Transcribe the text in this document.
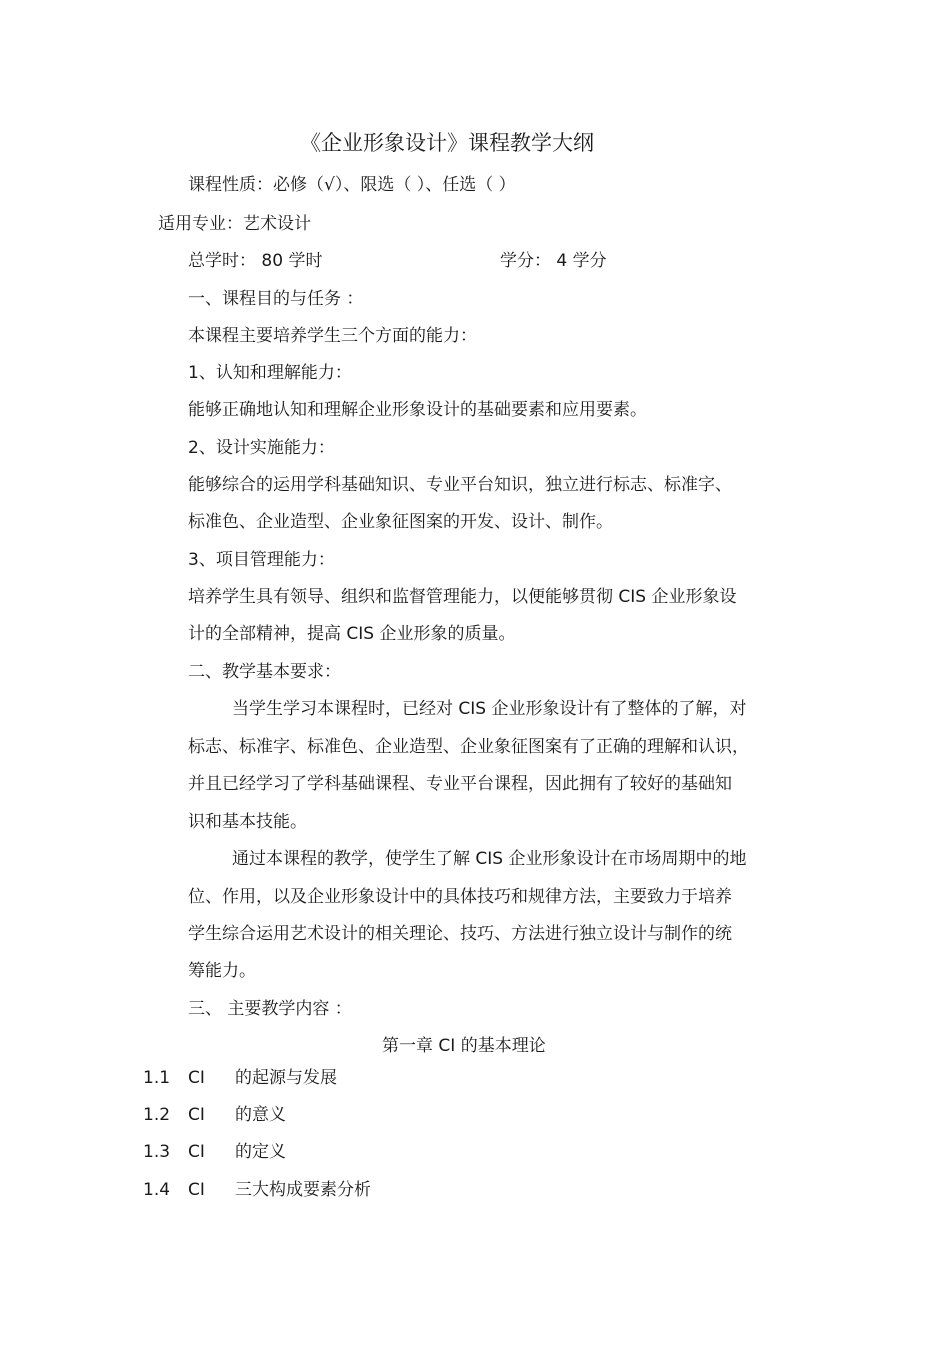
《企业形象设计》课程教学大纲
课程性质：必修（√）、限选（ ）、任选（ ）
适用专业：艺术设计
总学时： 80 学时	学分： 4 学分
一、课程目的与任务 ：
本课程主要培养学生三个方面的能力：
1、认知和理解能力：
能够正确地认知和理解企业形象设计的基础要素和应用要素。
2、设计实施能力：
能够综合的运用学科基础知识、专业平台知识，独立进行标志、标准字、
标准色、企业造型、企业象征图案的开发、设计、制作。
3、项目管理能力：
培养学生具有领导、组织和监督管理能力，以便能够贯彻 CIS 企业形象设
计的全部精神，提高 CIS 企业形象的质量。
二、教学基本要求：
当学生学习本课程时，已经对 CIS 企业形象设计有了整体的了解，对
标志、标准字、标准色、企业造型、企业象征图案有了正确的理解和认识，
并且已经学习了学科基础课程、专业平台课程，因此拥有了较好的基础知
识和基本技能。
通过本课程的教学，使学生了解 CIS 企业形象设计在市场周期中的地
位、作用，以及企业形象设计中的具体技巧和规律方法，主要致力于培养
学生综合运用艺术设计的相关理论、技巧、方法进行独立设计与制作的统
筹能力。
三、 主要教学内容 ：
第一章 CI 的基本理论
1.1 CI 的起源与发展
1.2 CI 的意义
1.3 CI 的定义
1.4 CI 三大构成要素分析
